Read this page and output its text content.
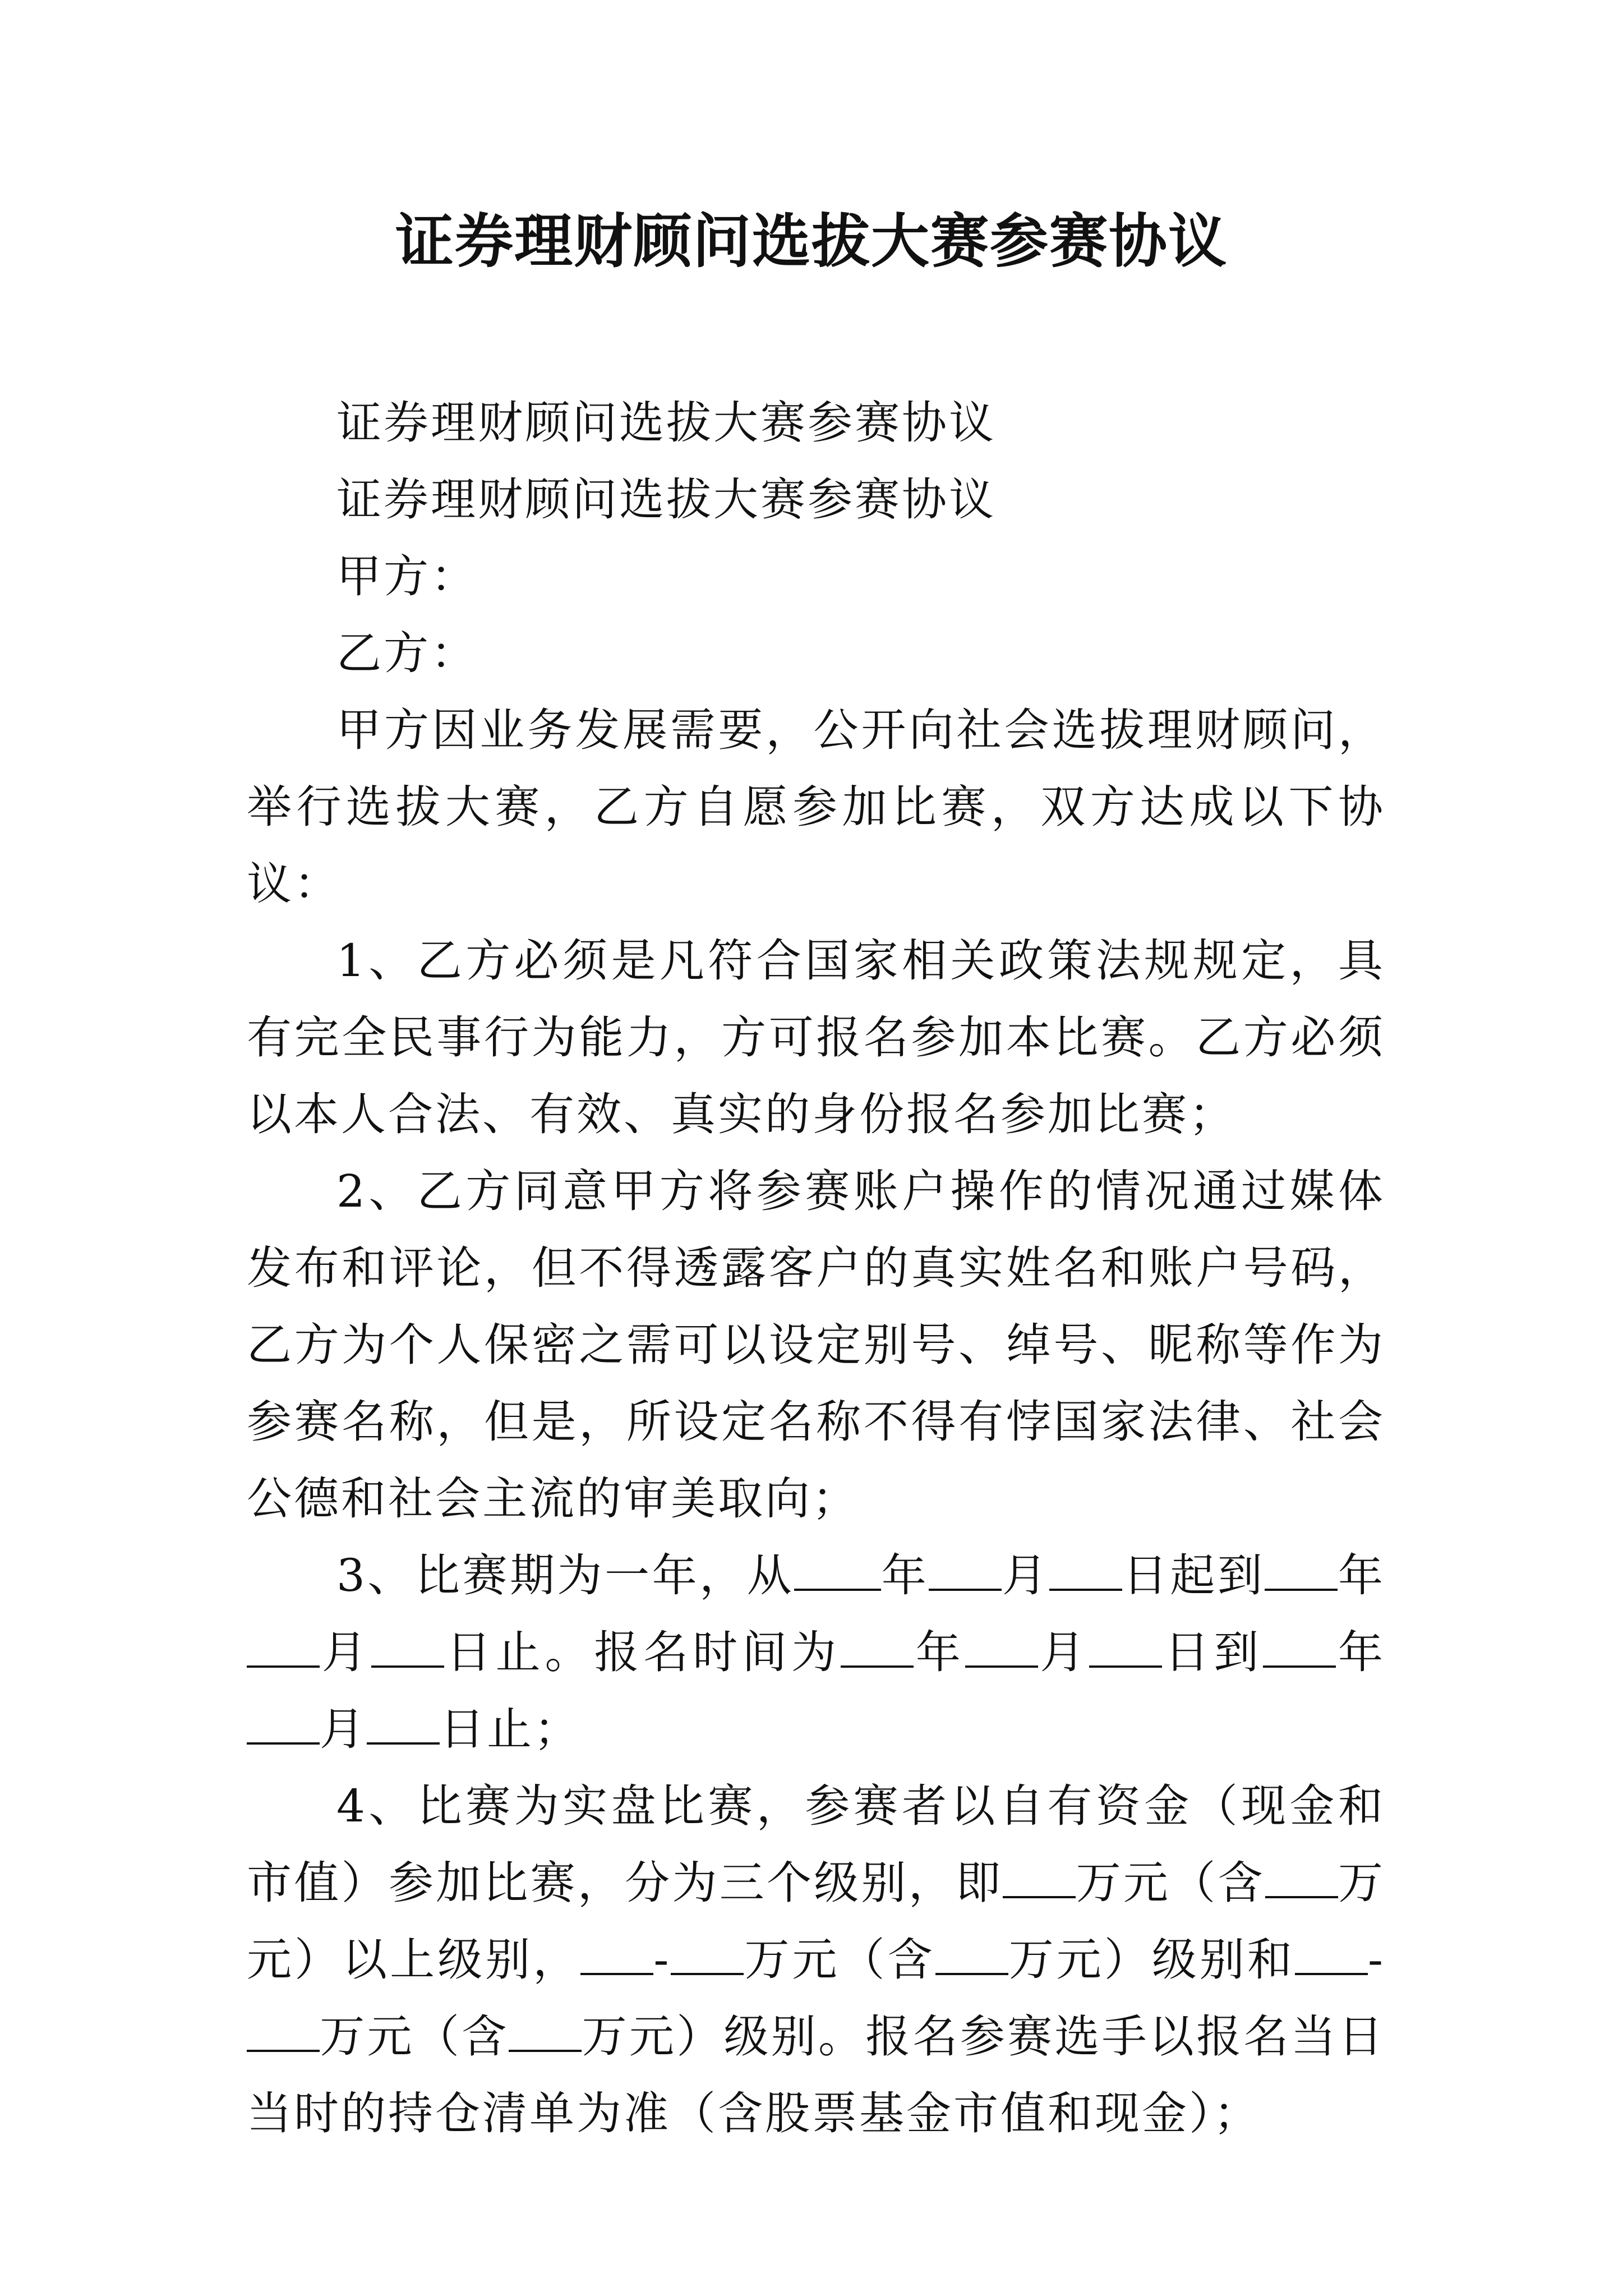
证券理财顾问选拔大赛参赛协议

证券理财顾问选拔大赛参赛协议

证券理财顾问选拔大赛参赛协议

甲方：

乙方：

甲方因业务发展需要，公开向社会选拔理财顾问，举行选拔大赛，乙方自愿参加比赛，双方达成以下协议：

1、乙方必须是凡符合国家相关政策法规规定，具有完全民事行为能力，方可报名参加本比赛。乙方必须以本人合法、有效、真实的身份报名参加比赛；

2、乙方同意甲方将参赛账户操作的情况通过媒体发布和评论，但不得透露客户的真实姓名和账户号码，乙方为个人保密之需可以设定别号、绰号、昵称等作为参赛名称，但是，所设定名称不得有悖国家法律、社会公德和社会主流的审美取向；

3、比赛期为一年，从 年 月 日起到 年月 日止。报名时间为 年 月 日到 年月 日止；

4、比赛为实盘比赛，参赛者以自有资金（现金和市值）参加比赛，分为三个级别，即 万元（含 万元）以上级别， - 万元（含 万元）级别和 -万元（含 万元）级别。报名参赛选手以报名当日当时的持仓清单为准（含股票基金市值和现金）；
